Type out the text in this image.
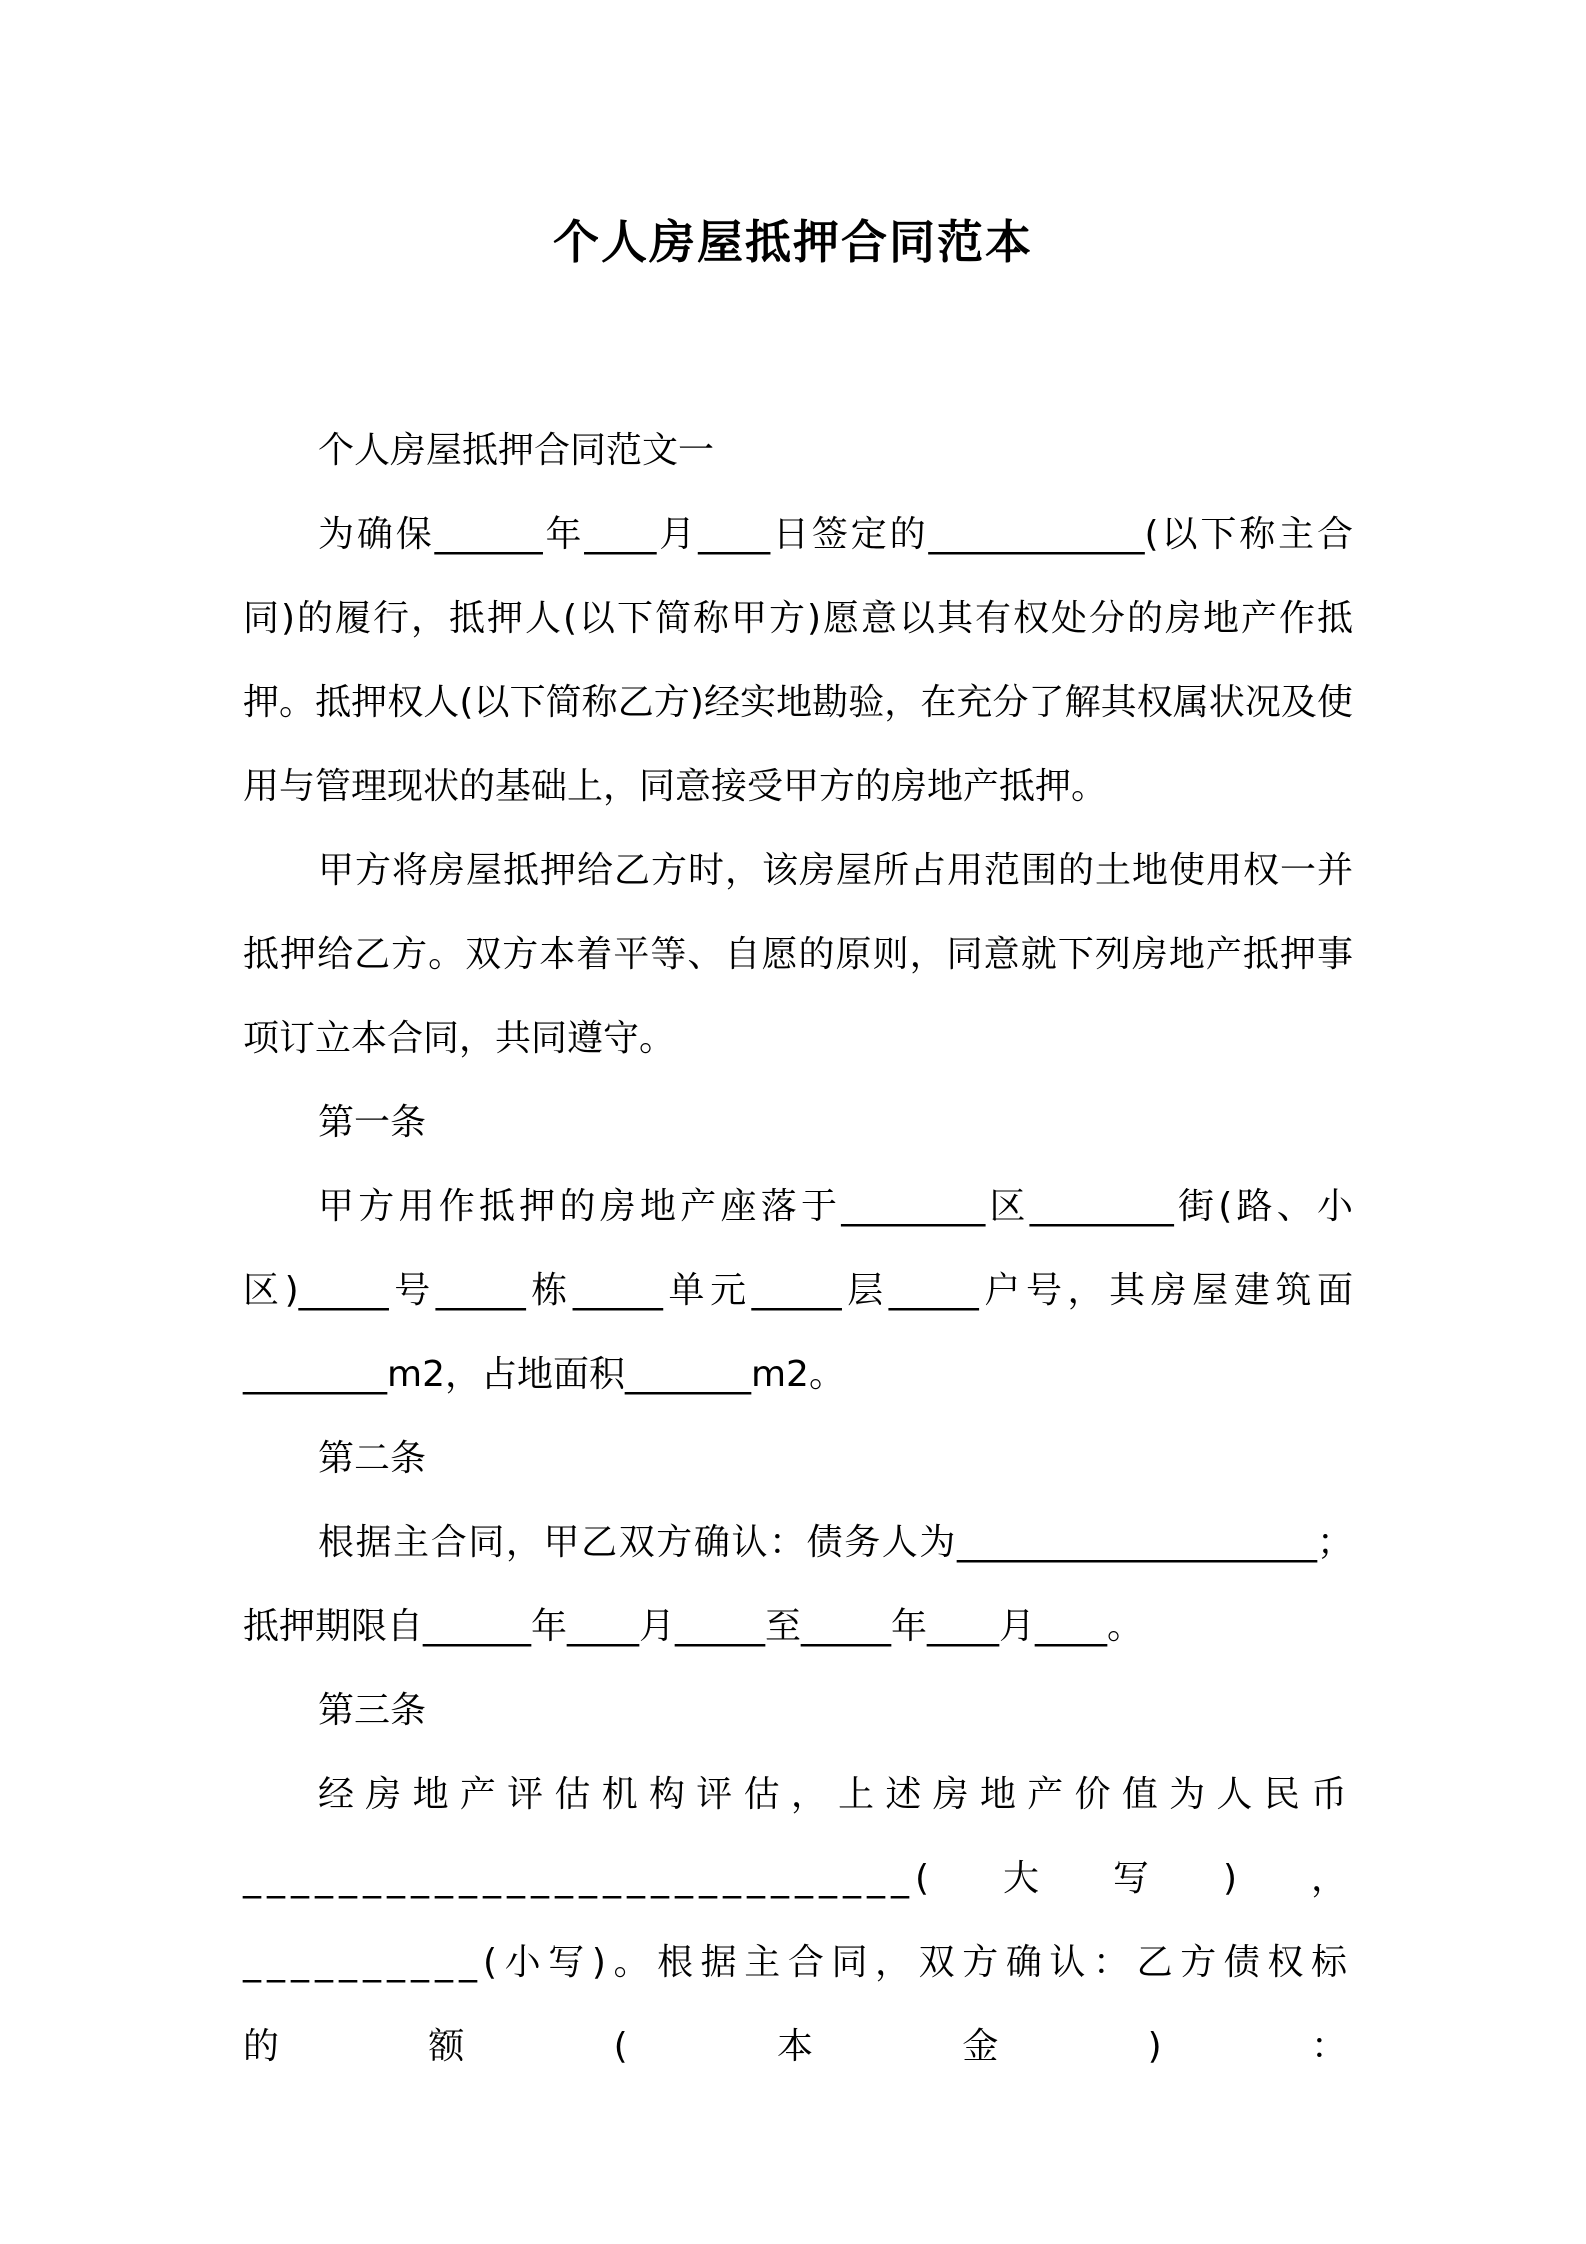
个人房屋抵押合同范本

个人房屋抵押合同范文一

为确保______年____月____日签定的____________(以下称主合同)的履行，抵押人(以下简称甲方)愿意以其有权处分的房地产作抵押。抵押权人(以下简称乙方)经实地勘验，在充分了解其权属状况及使用与管理现状的基础上，同意接受甲方的房地产抵押。

甲方将房屋抵押给乙方时，该房屋所占用范围的土地使用权一并抵押给乙方。双方本着平等、自愿的原则，同意就下列房地产抵押事项订立本合同，共同遵守。

第一条

甲方用作抵押的房地产座落于________区________街(路、小区)_____号_____栋_____单元_____层_____户号，其房屋建筑面________m2，占地面积_______m2。

第二条

根据主合同，甲乙双方确认：债务人为____________________；抵押期限自______年____月_____至_____年____月____。

第三条

经房地产评估机构评估，上述房地产价值为人民币____________________________(大写)，__________(小写)。根据主合同，双方确认：乙方债权标的额(本金)：
